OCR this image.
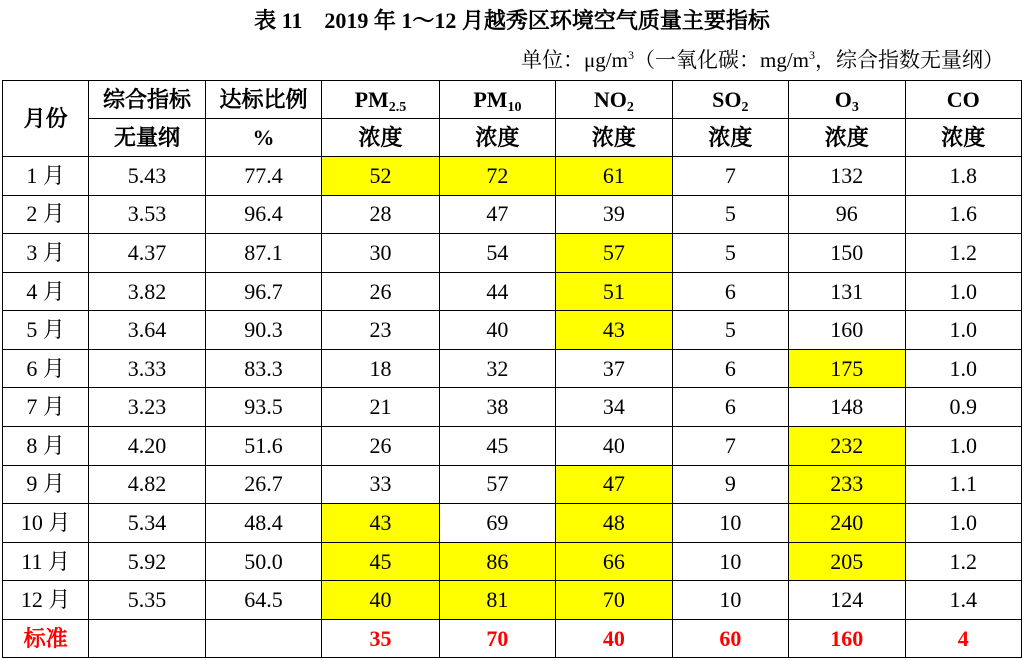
表 11　2019 年 1～12 月越秀区环境空气质量主要指标
单位：$\mu g/m^3$（一氧化碳：$mg/m^3$，综合指数无量纲）
月份	综合指标	达标比例	$PM_{2.5}$	$PM_{10}$	$NO_2$	$SO_2$	$O_3$	CO
	无量纲	%	浓度	浓度	浓度	浓度	浓度	浓度
1 月	5.43	77.4	52	72	61	7	132	1.8
2 月	3.53	96.4	28	47	39	5	96	1.6
3 月	4.37	87.1	30	54	57	5	150	1.2
4 月	3.82	96.7	26	44	51	6	131	1.0
5 月	3.64	90.3	23	40	43	5	160	1.0
6 月	3.33	83.3	18	32	37	6	175	1.0
7 月	3.23	93.5	21	38	34	6	148	0.9
8 月	4.20	51.6	26	45	40	7	232	1.0
9 月	4.82	26.7	33	57	47	9	233	1.1
10 月	5.34	48.4	43	69	48	10	240	1.0
11 月	5.92	50.0	45	86	66	10	205	1.2
12 月	5.35	64.5	40	81	70	10	124	1.4
标准			35	70	40	60	160	4
